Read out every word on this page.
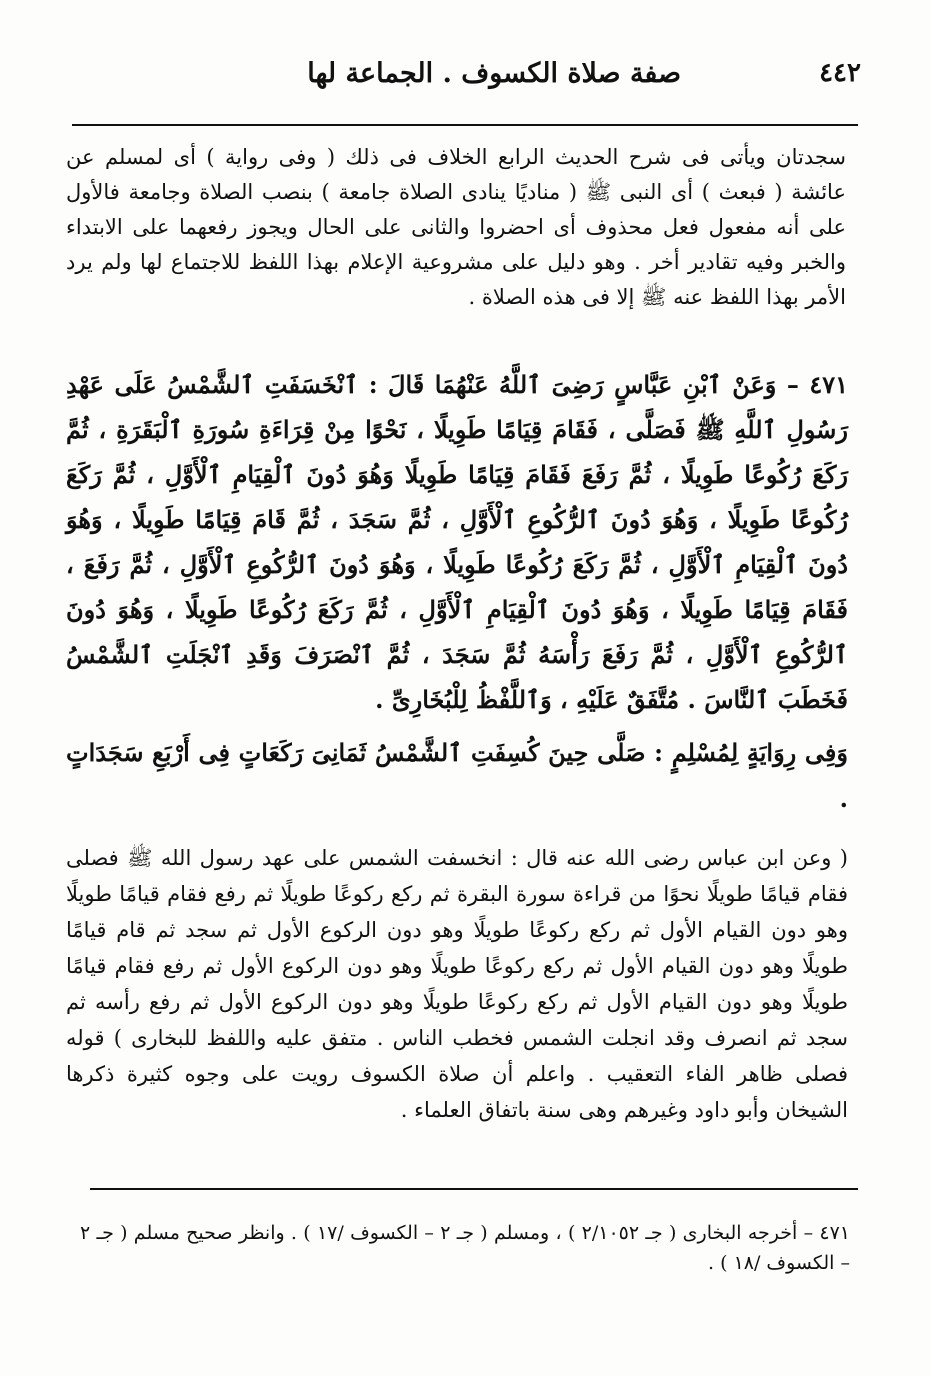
٤٤٢
صفة صلاة الكسوف . الجماعة لها

سجدتان ويأتى فى شرح الحديث الرابع الخلاف فى ذلك ( وفى رواية ) أى لمسلم عن عائشة ( فبعث ) أى النبى ﷺ ( مناديًا ينادى الصلاة جامعة ) بنصب الصلاة وجامعة فالأول على أنه مفعول فعل محذوف أى احضروا والثانى على الحال ويجوز رفعهما على الابتداء والخبر وفيه تقادير أخر . وهو دليل على مشروعية الإعلام بهذا اللفظ للاجتماع لها ولم يرد الأمر بهذا اللفظ عنه ﷺ إلا فى هذه الصلاة .

٤٧١ – وَعَنْ ٱبْنِ عَبَّاسٍ رَضِىَ ٱللَّهُ عَنْهُمَا قَالَ : ٱنْخَسَفَتِ ٱلشَّمْسُ عَلَى عَهْدِ رَسُولِ ٱللَّهِ ﷺ فَصَلَّى ، فَقَامَ قِيَامًا طَوِيلًا ، نَحْوًا مِنْ قِرَاءَةِ سُورَةِ ٱلْبَقَرَةِ ، ثُمَّ رَكَعَ رُكُوعًا طَوِيلًا ، ثُمَّ رَفَعَ فَقَامَ قِيَامًا طَوِيلًا وَهُوَ دُونَ ٱلْقِيَامِ ٱلْأَوَّلِ ، ثُمَّ رَكَعَ رُكُوعًا طَوِيلًا ، وَهُوَ دُونَ ٱلرُّكُوعِ ٱلْأَوَّلِ ، ثُمَّ سَجَدَ ، ثُمَّ قَامَ قِيَامًا طَوِيلًا ، وَهُوَ دُونَ ٱلْقِيَامِ ٱلْأَوَّلِ ، ثُمَّ رَكَعَ رُكُوعًا طَوِيلًا ، وَهُوَ دُونَ ٱلرُّكُوعِ ٱلْأَوَّلِ ، ثُمَّ رَفَعَ ، فَقَامَ قِيَامًا طَوِيلًا ، وَهُوَ دُونَ ٱلْقِيَامِ ٱلْأَوَّلِ ، ثُمَّ رَكَعَ رُكُوعًا طَوِيلًا ، وَهُوَ دُونَ ٱلرُّكُوعِ ٱلْأَوَّلِ ، ثُمَّ رَفَعَ رَأْسَهُ ثُمَّ سَجَدَ ، ثُمَّ ٱنْصَرَفَ وَقَدِ ٱنْجَلَتِ ٱلشَّمْسُ فَخَطَبَ ٱلنَّاسَ . مُتَّفَقٌ عَلَيْهِ ، وَٱللَّفْظُ لِلْبُخَارِىِّ .

وَفِى رِوَايَةٍ لِمُسْلِمٍ : صَلَّى حِينَ كُسِفَتِ ٱلشَّمْسُ ثَمَانِىَ رَكَعَاتٍ فِى أَرْبَعِ سَجَدَاتٍ .

( وعن ابن عباس رضى الله عنه قال : انخسفت الشمس على عهد رسول الله ﷺ فصلى فقام قيامًا طويلًا نحوًا من قراءة سورة البقرة ثم ركع ركوعًا طويلًا ثم رفع فقام قيامًا طويلًا وهو دون القيام الأول ثم ركع ركوعًا طويلًا وهو دون الركوع الأول ثم سجد ثم قام قيامًا طويلًا وهو دون القيام الأول ثم ركع ركوعًا طويلًا وهو دون الركوع الأول ثم رفع فقام قيامًا طويلًا وهو دون القيام الأول ثم ركع ركوعًا طويلًا وهو دون الركوع الأول ثم رفع رأسه ثم سجد ثم انصرف وقد انجلت الشمس فخطب الناس . متفق عليه واللفظ للبخارى ) قوله فصلى ظاهر الفاء التعقيب . واعلم أن صلاة الكسوف رويت على وجوه كثيرة ذكرها الشيخان وأبو داود وغيرهم وهى سنة باتفاق العلماء .

٤٧١ – أخرجه البخارى ( جـ ٢/١٠٥٢ ) ، ومسلم ( جـ ٢ – الكسوف /١٧ ) . وانظر صحيح مسلم ( جـ ٢ – الكسوف /١٨ ) .
